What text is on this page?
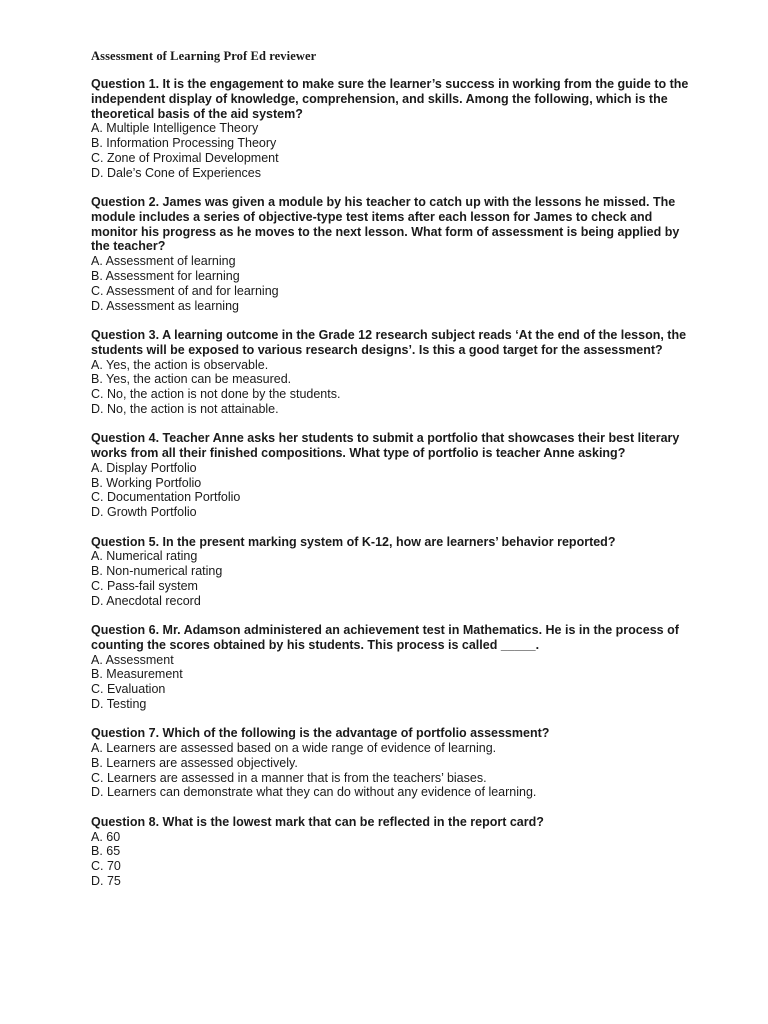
Assessment of Learning Prof Ed reviewer
Question 1. It is the engagement to make sure the learner’s success in working from the guide to the independent display of knowledge, comprehension, and skills. Among the following, which is the theoretical basis of the aid system?
A. Multiple Intelligence Theory
B. Information Processing Theory
C. Zone of Proximal Development
D. Dale’s Cone of Experiences
Question 2. James was given a module by his teacher to catch up with the lessons he missed. The module includes a series of objective-type test items after each lesson for James to check and monitor his progress as he moves to the next lesson. What form of assessment is being applied by the teacher?
A. Assessment of learning
B. Assessment for learning
C. Assessment of and for learning
D. Assessment as learning
Question 3. A learning outcome in the Grade 12 research subject reads ‘At the end of the lesson, the students will be exposed to various research designs’. Is this a good target for the assessment?
A. Yes, the action is observable.
B. Yes, the action can be measured.
C. No, the action is not done by the students.
D. No, the action is not attainable.
Question 4. Teacher Anne asks her students to submit a portfolio that showcases their best literary works from all their finished compositions. What type of portfolio is teacher Anne asking?
A. Display Portfolio
B. Working Portfolio
C. Documentation Portfolio
D. Growth Portfolio
Question 5. In the present marking system of K-12, how are learners’ behavior reported?
A. Numerical rating
B. Non-numerical rating
C. Pass-fail system
D. Anecdotal record
Question 6. Mr. Adamson administered an achievement test in Mathematics. He is in the process of counting the scores obtained by his students. This process is called _____.
A. Assessment
B. Measurement
C. Evaluation
D. Testing
Question 7. Which of the following is the advantage of portfolio assessment?
A. Learners are assessed based on a wide range of evidence of learning.
B. Learners are assessed objectively.
C. Learners are assessed in a manner that is from the teachers’ biases.
D. Learners can demonstrate what they can do without any evidence of learning.
Question 8. What is the lowest mark that can be reflected in the report card?
A. 60
B. 65
C. 70
D. 75
